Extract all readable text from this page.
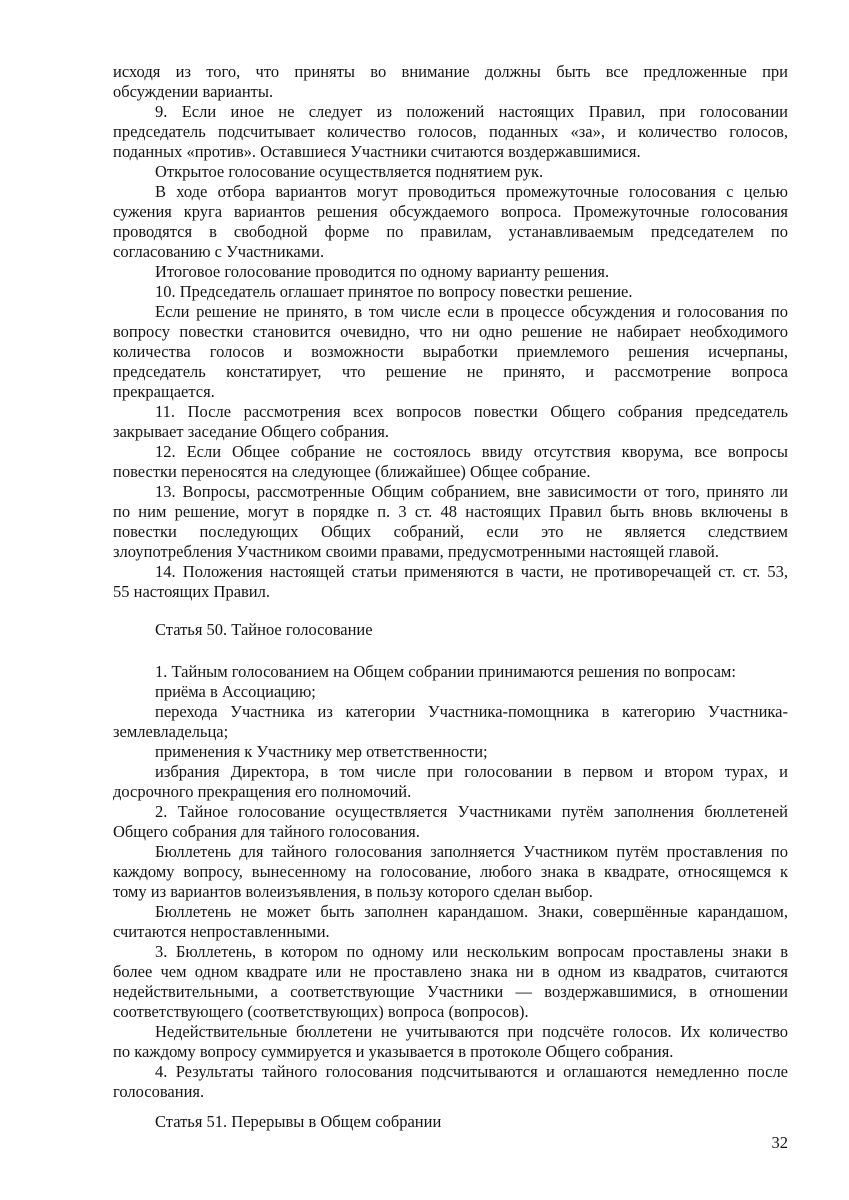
исходя из того, что приняты во внимание должны быть все предложенные при
обсуждении варианты.
9. Если иное не следует из положений настоящих Правил, при голосовании
председатель подсчитывает количество голосов, поданных «за», и количество голосов,
поданных «против». Оставшиеся Участники считаются воздержавшимися.
Открытое голосование осуществляется поднятием рук.
В ходе отбора вариантов могут проводиться промежуточные голосования с целью
сужения круга вариантов решения обсуждаемого вопроса. Промежуточные голосования
проводятся в свободной форме по правилам, устанавливаемым председателем по
согласованию с Участниками.
Итоговое голосование проводится по одному варианту решения.
10. Председатель оглашает принятое по вопросу повестки решение.
Если решение не принято, в том числе если в процессе обсуждения и голосования по
вопросу повестки становится очевидно, что ни одно решение не набирает необходимого
количества голосов и возможности выработки приемлемого решения исчерпаны,
председатель констатирует, что решение не принято, и рассмотрение вопроса
прекращается.
11. После рассмотрения всех вопросов повестки Общего собрания председатель
закрывает заседание Общего собрания.
12. Если Общее собрание не состоялось ввиду отсутствия кворума, все вопросы
повестки переносятся на следующее (ближайшее) Общее собрание.
13. Вопросы, рассмотренные Общим собранием, вне зависимости от того, принято ли
по ним решение, могут в порядке п. 3 ст. 48 настоящих Правил быть вновь включены в
повестки последующих Общих собраний, если это не является следствием
злоупотребления Участником своими правами, предусмотренными настоящей главой.
14. Положения настоящей статьи применяются в части, не противоречащей ст. ст. 53,
55 настоящих Правил.
Статья 50. Тайное голосование
1. Тайным голосованием на Общем собрании принимаются решения по вопросам:
приёма в Ассоциацию;
перехода Участника из категории Участника-помощника в категорию Участника-
землевладельца;
применения к Участнику мер ответственности;
избрания Директора, в том числе при голосовании в первом и втором турах, и
досрочного прекращения его полномочий.
2. Тайное голосование осуществляется Участниками путём заполнения бюллетеней
Общего собрания для тайного голосования.
Бюллетень для тайного голосования заполняется Участником путём проставления по
каждому вопросу, вынесенному на голосование, любого знака в квадрате, относящемся к
тому из вариантов волеизъявления, в пользу которого сделан выбор.
Бюллетень не может быть заполнен карандашом. Знаки, совершённые карандашом,
считаются непроставленными.
3. Бюллетень, в котором по одному или нескольким вопросам проставлены знаки в
более чем одном квадрате или не проставлено знака ни в одном из квадратов, считаются
недействительными, а соответствующие Участники — воздержавшимися, в отношении
соответствующего (соответствующих) вопроса (вопросов).
Недействительные бюллетени не учитываются при подсчёте голосов. Их количество
по каждому вопросу суммируется и указывается в протоколе Общего собрания.
4. Результаты тайного голосования подсчитываются и оглашаются немедленно после
голосования.
Статья 51. Перерывы в Общем собрании
32
